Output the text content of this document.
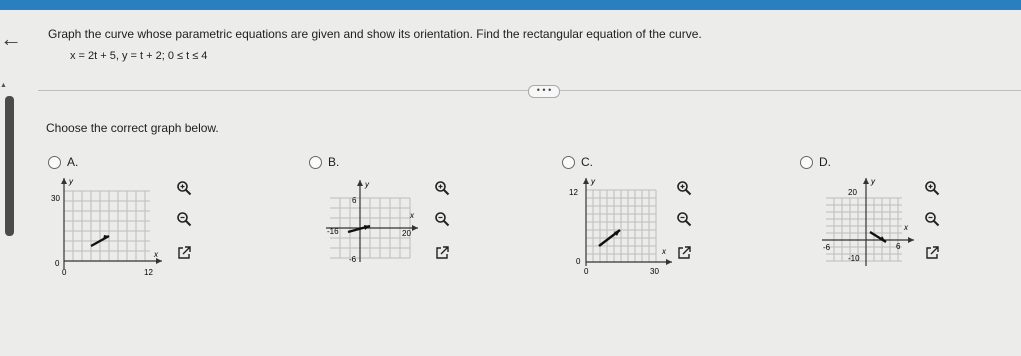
←
▲
Graph the curve whose parametric equations are given and show its orientation. Find the rectangular equation of the curve.
x = 2t + 5, y = t + 2; 0 ≤ t ≤ 4
• • •
Choose the correct graph below.
A.
30
12
0
0
x
y
B.
6
-16	20
-6
x
y
C.
12
30
0
0
x
y
D.
20
-6	6
-10
x
y
